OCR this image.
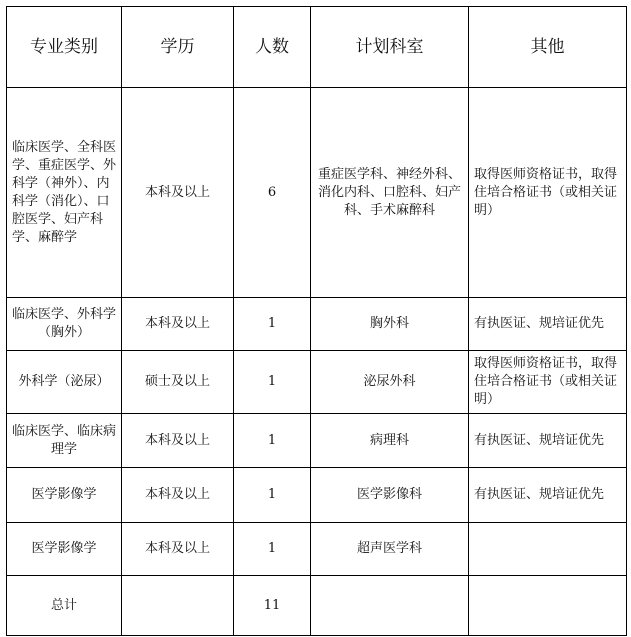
专业类别	学历	人数	计划科室	其他
临床医学、全科医学、重症医学、外科学（神外）、内科学（消化）、口腔医学、妇产科学、麻醉学	本科及以上	6	重症医学科、神经外科、消化内科、口腔科、妇产科、手术麻醉科	取得医师资格证书，取得住培合格证书（或相关证明）
临床医学、外科学（胸外）	本科及以上	1	胸外科	有执医证、规培证优先
外科学（泌尿）	硕士及以上	1	泌尿外科	取得医师资格证书，取得住培合格证书（或相关证明）
临床医学、临床病理学	本科及以上	1	病理科	有执医证、规培证优先
医学影像学	本科及以上	1	医学影像科	有执医证、规培证优先
医学影像学	本科及以上	1	超声医学科	
总计		11		
